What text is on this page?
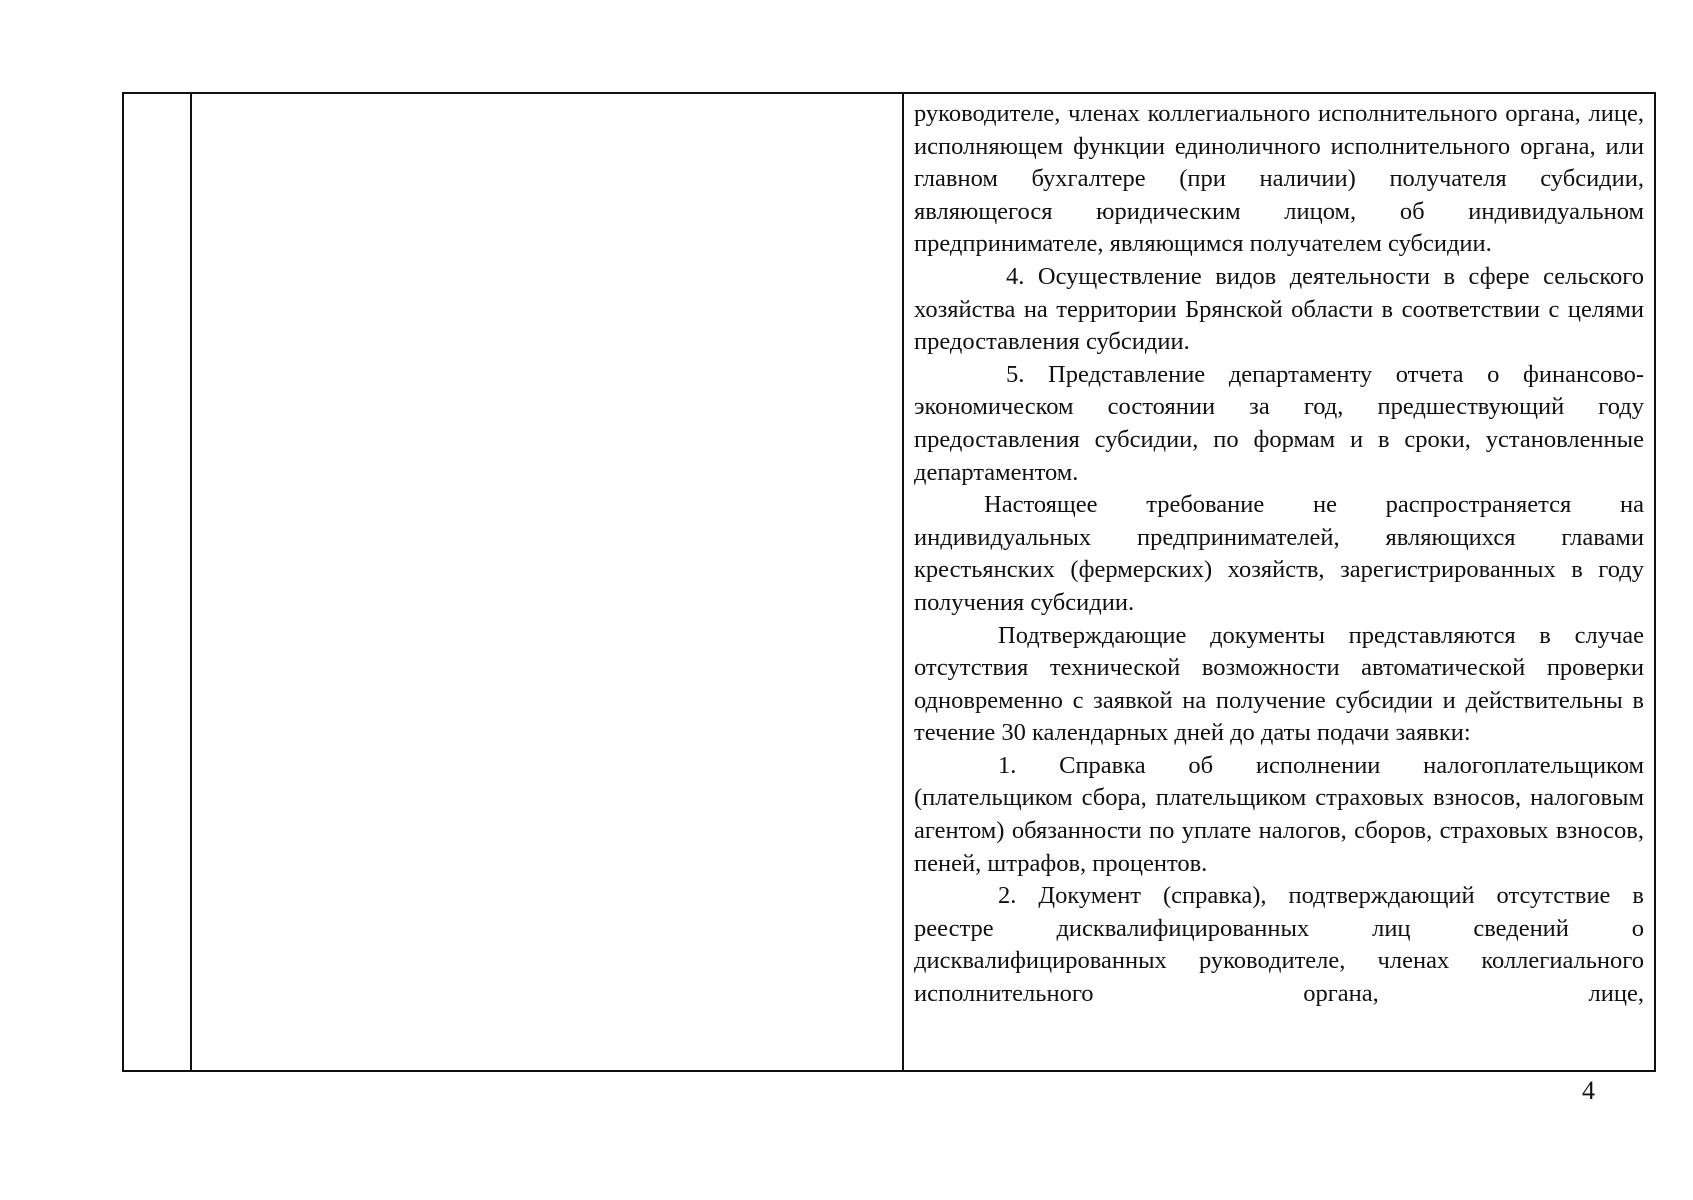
руководителе, членах коллегиального исполнительного органа, лице, исполняющем функции единоличного исполнительного органа, или главном бухгалтере (при наличии) получателя субсидии, являющегося юридическим лицом, об индивидуальном предпринимателе, являющимся получателем субсидии.

4. Осуществление видов деятельности в сфере сельского хозяйства на территории Брянской области в соответствии с целями предоставления субсидии.

5. Представление департаменту отчета о финансово-экономическом состоянии за год, предшествующий году предоставления субсидии, по формам и в сроки, установленные департаментом.

Настоящее требование не распространяется на индивидуальных предпринимателей, являющихся главами крестьянских (фермерских) хозяйств, зарегистрированных в году получения субсидии.

Подтверждающие документы представляются в случае отсутствия технической возможности автоматической проверки одновременно с заявкой на получение субсидии и действительны в течение 30 календарных дней до даты подачи заявки:

1. Справка об исполнении налогоплательщиком (плательщиком сбора, плательщиком страховых взносов, налоговым агентом) обязанности по уплате налогов, сборов, страховых взносов, пеней, штрафов, процентов.

2. Документ (справка), подтверждающий отсутствие в реестре дисквалифицированных лиц сведений о дисквалифицированных руководителе, членах коллегиального исполнительного органа, лице,

4
